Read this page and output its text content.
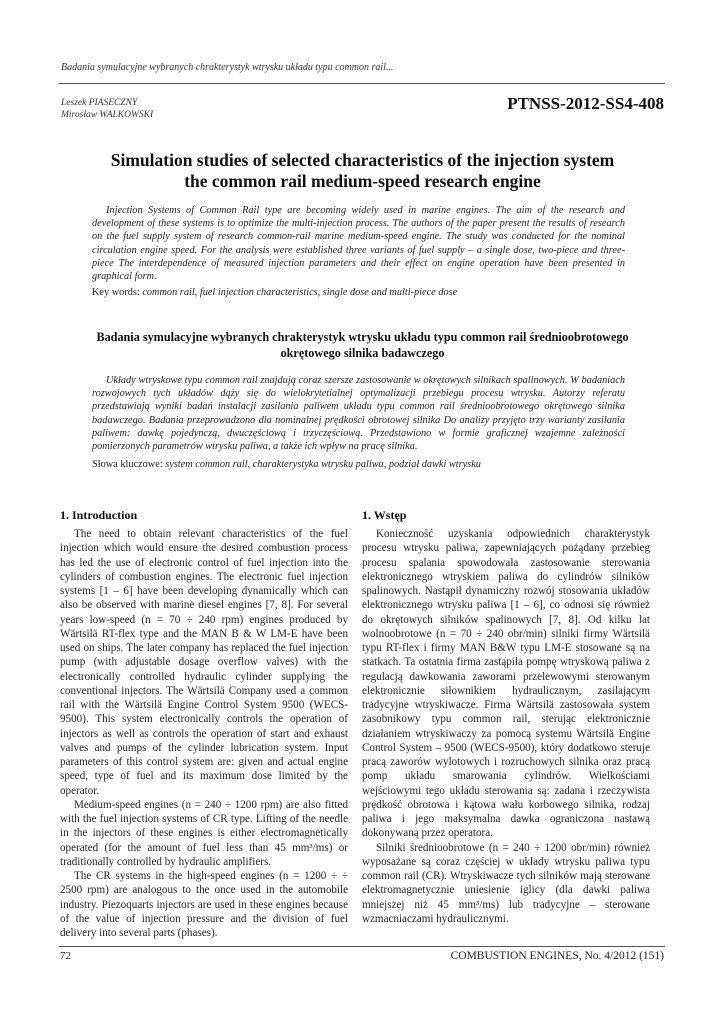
Badania symulacyjne wybranych chrakterystyk wtrysku układu typu common rail...
Leszek PIASECZNY
Mirosław WALKOWSKI
PTNSS-2012-SS4-408
Simulation studies of selected characteristics of the injection system
the common rail medium-speed research engine
Injection Systems of Common Rail type are becoming widely used in marine engines. The aim of the research and development of these systems is to optimize the multi-injection process. The authors of the paper present the results of research on the fuel supply system of research common-rail marine medium-speed engine. The study was conducted for the nominal circulation engine speed. For the analysis were established three variants of fuel supply – a single dose, two-piece and three-piece The interdependence of measured injection parameters and their effect on engine operation have been presented in graphical form.
Key words: common rail, fuel injection characteristics, single dose and multi-piece dose
Badania symulacyjne wybranych chrakterystyk wtrysku układu typu common rail średnioobrotowego
okrętowego silnika badawczego
Układy wtryskowe typu common rail znajdują coraz szersze zastosowanie w okrętowych silnikach spalinowych. W badaniach rozwojowych tych układów dąży się do wielokrytetialnej optymalizacji przebiegu procesu wtrysku. Autorzy referatu przedstawiają wyniki badań instalacji zasilania paliwem układu typu common rail średnioobrotowego okrętowego silnika badawczego. Badania przeprowadzono dla nominalnej prędkości obrotowej silnika Do analizy przyjęto trzy warianty zasilania paliwem: dawkę pojedynczą, dwuczęściową i trzyczęściową. Przedstawiono w formie graficznej wzajemne zależności pomierzonych parametrów wtrysku paliwa, a także ich wpływ na pracę silnika.
Słowa kluczowe: system common rail, charakterystyka wtrysku paliwa, podział dawki wtrysku
1. Introduction

The need to obtain relevant characteristics of the fuel injection which would ensure the desired combustion process has led the use of electronic control of fuel injection into the cylinders of combustion engines. The electronic fuel injection systems [1 – 6] have been developing dynamically which can also be observed with marine diesel engines [7, 8]. For several years low-speed (n = 70 ÷ 240 rpm) engines produced by Wärtsilä RT-flex type and the MAN B & W LM-E have been used on ships. The later company has replaced the fuel injection pump (with adjustable dosage overflow valves) with the electronically controlled hydraulic cylinder supplying the conventional injectors. The Wärtsilä Company used a common rail with the Wärtsilä Engine Control System 9500 (WECS-9500). This system electronically controls the operation of injectors as well as controls the operation of start and exhaust valves and pumps of the cylinder lubrication system. Input parameters of this control system are: given and actual engine speed, type of fuel and its maximum dose limited by the operator.

Medium-speed engines (n = 240 ÷ 1200 rpm) are also fitted with the fuel injection systems of CR type. Lifting of the needle in the injectors of these engines is either electromagnetically operated (for the amount of fuel less than 45 mm³/ms) or traditionally controlled by hydraulic amplifiers.

The CR systems in the high-speed engines (n = 1200 ÷ ÷ 2500 rpm) are analogous to the once used in the automobile industry. Piezoquarts injectors are used in these engines because of the value of injection pressure and the division of fuel delivery into several parts (phases).

1. Wstęp

Konieczność uzyskania odpowiednich charakterystyk procesu wtrysku paliwa, zapewniających pożądany przebieg procesu spalania spowodowała zastosowanie sterowania elektronicznego wtryskiem paliwa do cylindrów silników spalinowych. Nastąpił dynamiczny rozwój stosowania układów elektronicznego wtrysku paliwa [1 – 6], co odnosi się również do okrętowych silników spalinowych [7, 8]. Od kilku lat wolnoobrotowe (n = 70 ÷ 240 obr/min) silniki firmy Wärtsilä typu RT-flex i firmy MAN B&W typu LM-E stosowane są na statkach. Ta ostatnia firma zastąpiła pompę wtryskową paliwa z regulacją dawkowania zaworami przelewowymi sterowanym elektronicznie siłownikiem hydraulicznym, zasilającym tradycyjne wtryskiwacze. Firma Wärtsilä zastosowała system zasobnikowy typu common rail, sterując elektronicznie działaniem wtryskiwaczy za pomocą systemu Wärtsilä Engine Control System – 9500 (WECS-9500), który dodatkowo steruje pracą zaworów wylotowych i rozruchowych silnika oraz pracą pomp układu smarowania cylindrów. Wielkościami wejściowymi tego układu sterowania są: zadana i rzeczywista prędkość obrotowa i kątowa wału korbowego silnika, rodzaj paliwa i jego maksymalna dawka ograniczona nastawą dokonywaną przez operatora.

Silniki średnioobrotowe (n = 240 ÷ 1200 obr/min) również wyposażane są coraz częściej w układy wtrysku paliwa typu common rail (CR). Wtryskiwacze tych silników mają sterowane elektromagnetycznie uniesienie iglicy (dla dawki paliwa mniejszej niż 45 mm³/ms) lub tradycyjne – sterowane wzmacniaczami hydraulicznymi.

72	COMBUSTION ENGINES, No. 4/2012 (151)
